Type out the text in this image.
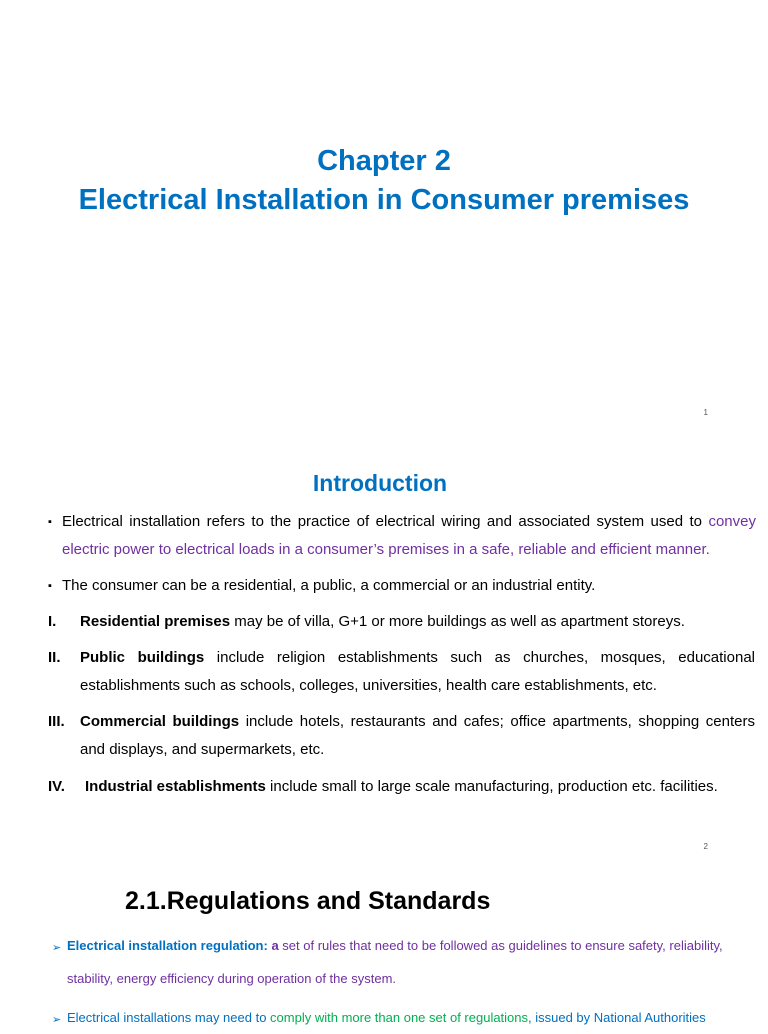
Chapter 2
Electrical Installation in Consumer premises
1
Introduction
▪ Electrical installation refers to the practice of electrical wiring and associated system used to convey electric power to electrical loads in a consumer’s premises in a safe, reliable and efficient manner.
▪ The consumer can be a residential, a public, a commercial or an industrial entity.
I. Residential premises may be of villa, G+1 or more buildings as well as apartment storeys.
II. Public buildings include religion establishments such as churches, mosques, educational establishments such as schools, colleges, universities, health care establishments, etc.
III. Commercial buildings include hotels, restaurants and cafes; office apartments, shopping centers and displays, and supermarkets, etc.
IV. Industrial establishments include small to large scale manufacturing, production etc. facilities.
2
2.1.Regulations and Standards
➢ Electrical installation regulation: a set of rules that need to be followed as guidelines to ensure safety, reliability, stability, energy efficiency during operation of the system.
➢ Electrical installations may need to comply with more than one set of regulations, issued by National Authorities
